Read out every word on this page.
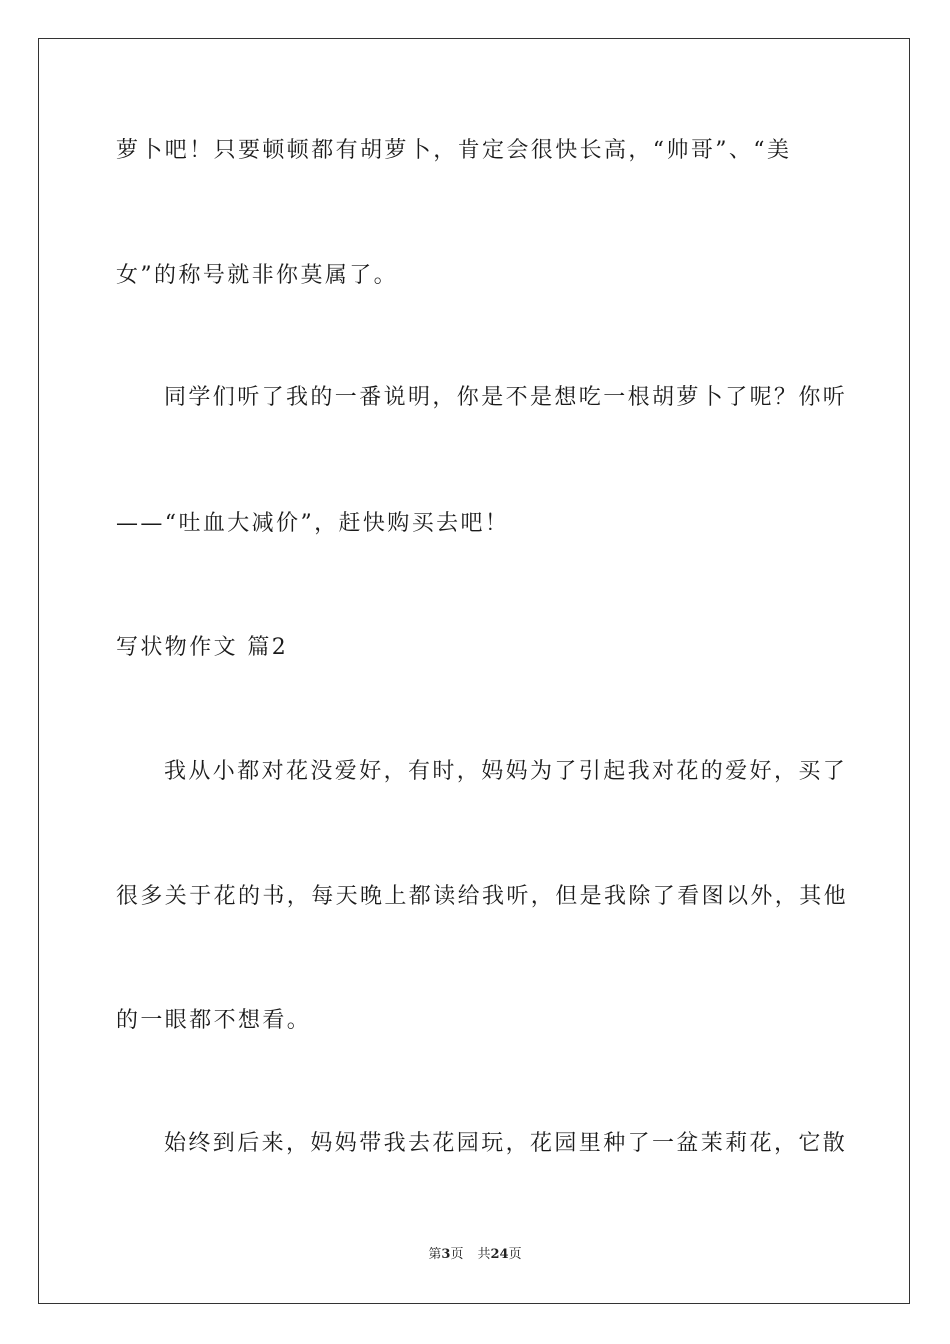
萝卜吧！只要顿顿都有胡萝卜，肯定会很快长高，“帅哥”、“美
女”的称号就非你莫属了。
同学们听了我的一番说明，你是不是想吃一根胡萝卜了呢？你听
——“吐血大减价”，赶快购买去吧！
写状物作文 篇2
我从小都对花没爱好，有时，妈妈为了引起我对花的爱好，买了
很多关于花的书，每天晚上都读给我听，但是我除了看图以外，其他
的一眼都不想看。
始终到后来，妈妈带我去花园玩，花园里种了一盆茉莉花，它散
第3页 共24页
